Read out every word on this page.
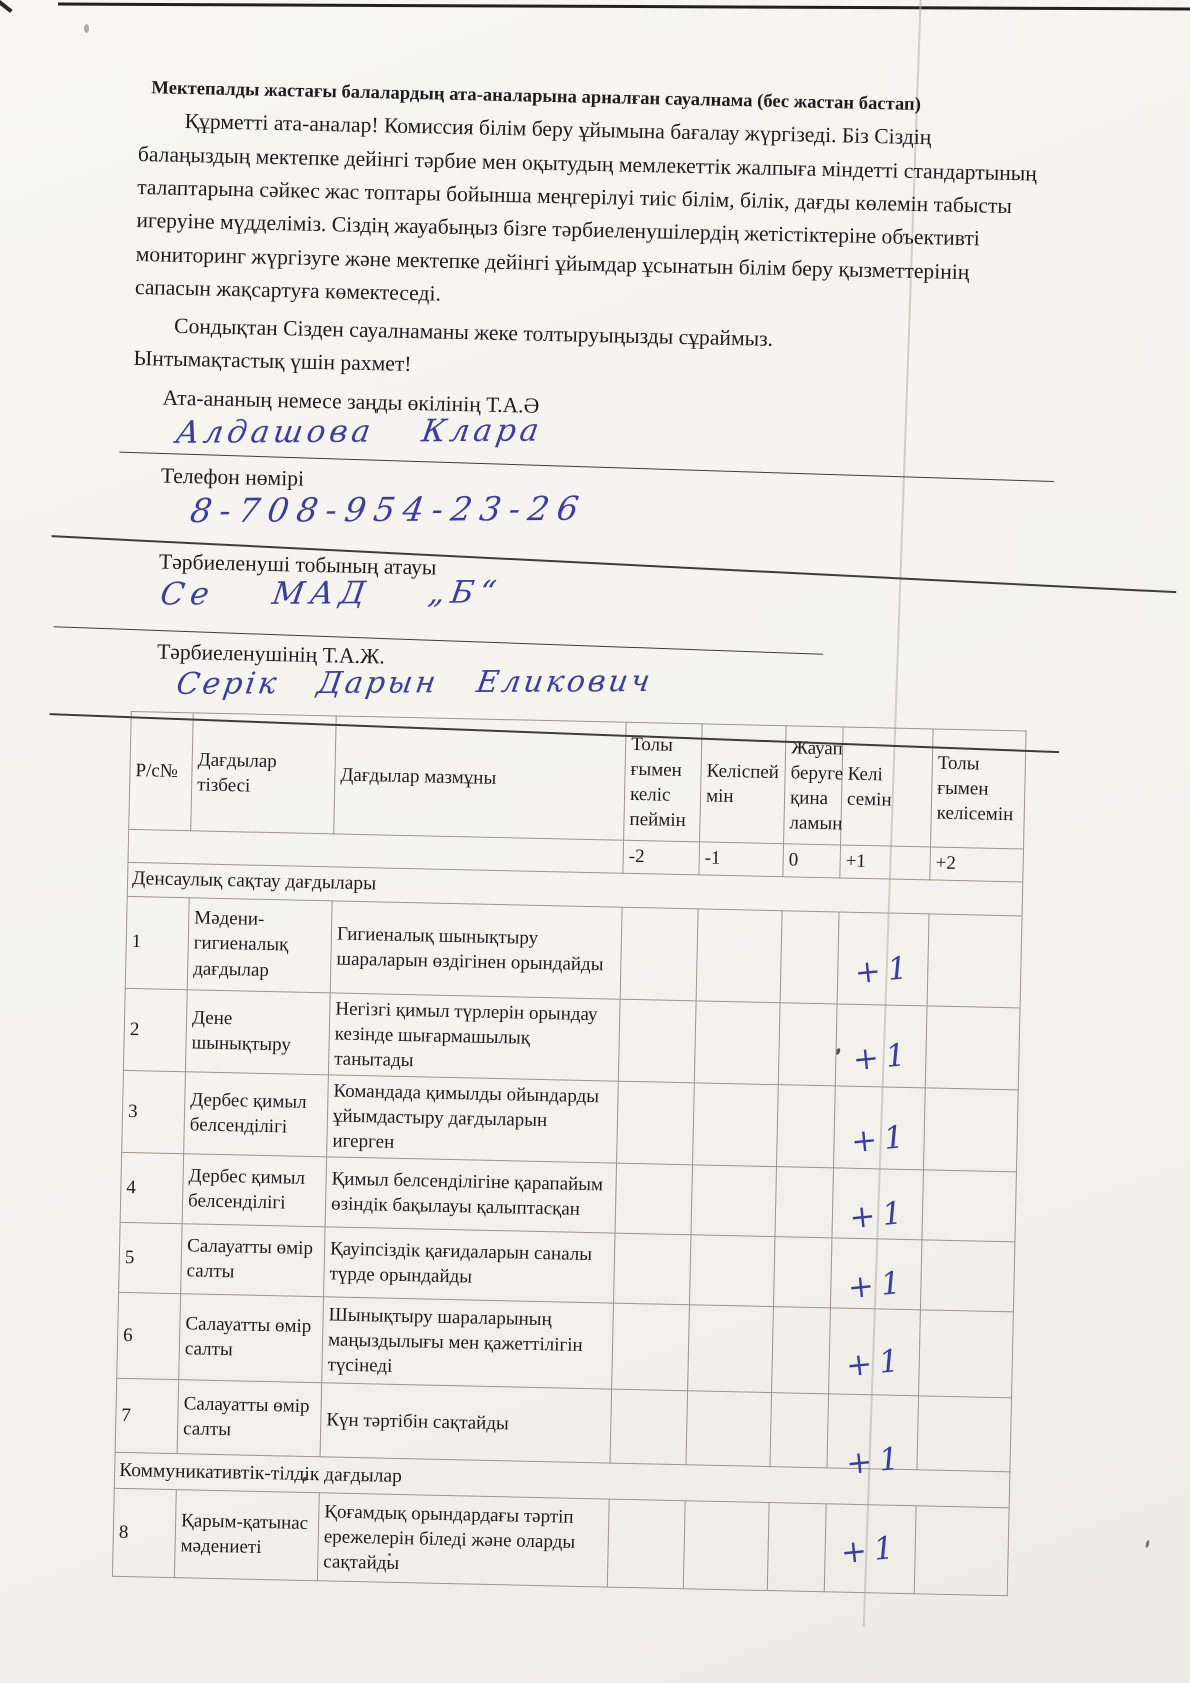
Мектепалды жастағы балалардың ата-аналарына арналған сауалнама (бес жастан бастап)

Құрметті ата-аналар! Комиссия білім беру ұйымына бағалау жүргізеді. Біз Сіздің балаңыздың мектепке дейінгі тәрбие мен оқытудың мемлекеттік жалпыға міндетті стандартының талаптарына сәйкес жас топтары бойынша меңгерілуі тиіс білім, білік, дағды көлемін табысты игеруіне мүдделіміз. Сіздің жауабыңыз бізге тәрбиеленушілердің жетістіктеріне объективті мониторинг жүргізуге және мектепке дейінгі ұйымдар ұсынатын білім беру қызметтерінің сапасын жақсартуға көмектеседі.

Сондықтан Сізден сауалнаманы жеке толтыруыңызды сұраймыз.
Ынтымақтастық үшін рахмет!

Ата-ананың немесе заңды өкілінің Т.А.Ә
Алдашова Клара
Телефон нөмірі
8-708-954-23-26
Тәрбиеленуші тобының атауы
Се МАД „Б“
Тәрбиеленушінің Т.А.Ж.
Серік Дарын Еликович
Р/с№	Дағдылар тізбесі	Дағдылар мазмұны	Толы ғымен келіс пеймін	Келіспей мін	Жауап беруге қина ламын	Келі семін	Толы ғымен келісемін
			-2	-1	0	+1	+2
Денсаулық сақтау дағдылары							
1	Мәдени-гигиеналық дағдылар	Гигиеналық шынықтыру шараларын өздігінен орындайды				+1	
2	Дене шынықтыру	Негізгі қимыл түрлерін орындау кезінде шығармашылық танытады				+1	
3	Дербес қимыл белсенділігі	Командада қимылды ойындарды ұйымдастыру дағдыларын игерген				+1	
4	Дербес қимыл белсенділігі	Қимыл белсенділігіне қарапайым өзіндік бақылауы қалыптасқан				+1	
5	Салауатты өмір салты	Қауіпсіздік қағидаларын саналы түрде орындайды				+1	
6	Салауатты өмір салты	Шынықтыру шараларының маңыздылығы мен қажеттілігін түсінеді				+1	
7	Салауатты өмір салты	Күн тәртібін сақтайды				+1	
Коммуникативтік-тілдік дағдылар							
8	Қарым-қатынас мәдениеті	Қоғамдық орындардағы тәртіп ережелерін біледі және оларды сақтайды				+1	
